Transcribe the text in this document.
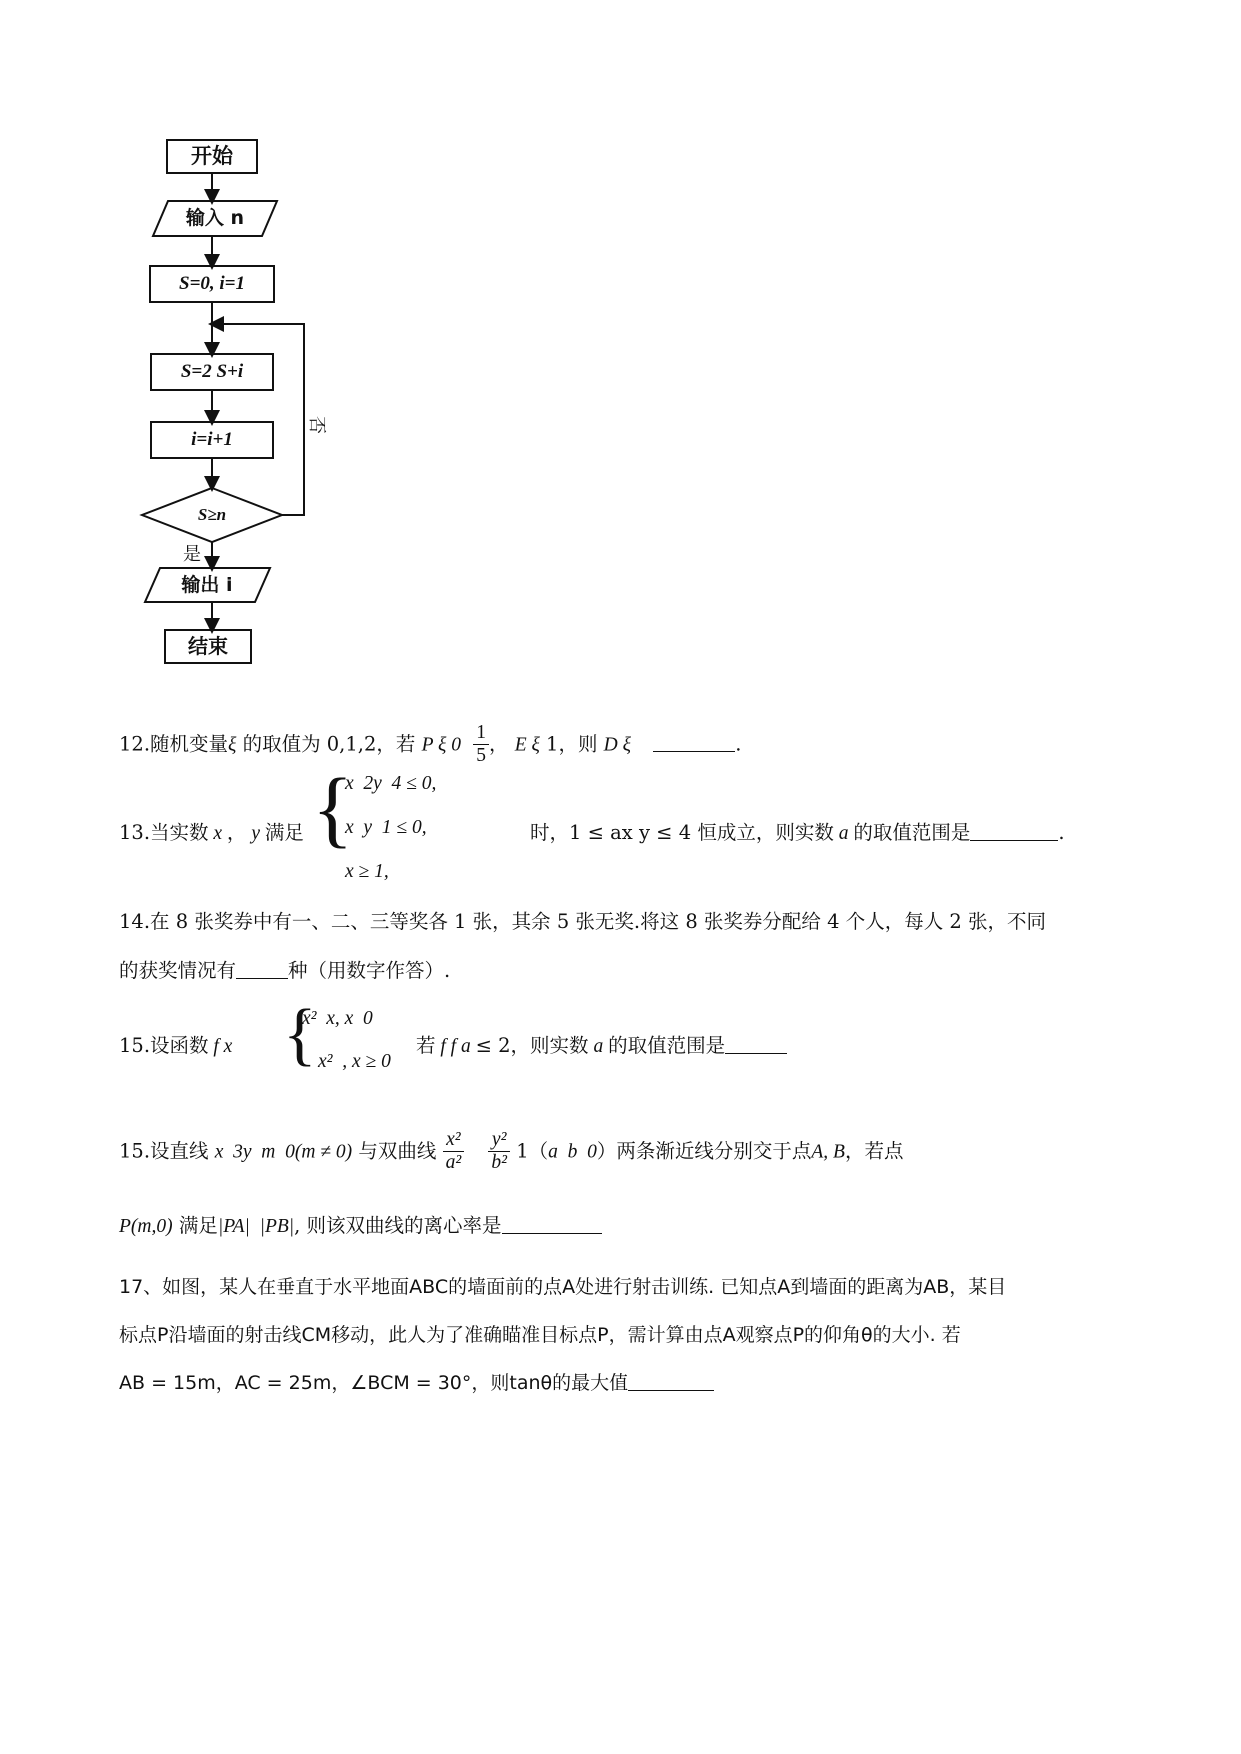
开始
输入 n
S=0, i=1
S=2 S+i
i=i+1
S≥n
是
否
输出 i
结束
12.随机变量ξ 的取值为 0,1,2，若 P ξ $0 \frac{1}{5}$ ， E ξ 1，则 D ξ	.
13.当实数 x ， y 满足 {
x  2y  4 ≤ 0,
x  y  1 ≤ 0,
x ≥ 1,
时，1 ≤ ax y ≤ 4 恒成立，则实数 a 的取值范围是	.
14.在 8 张奖券中有一、二、三等奖各 1 张，其余 5 张无奖.将这 8 张奖券分配给 4 个人，每人 2 张，不同
的获奖情况有	种（用数字作答）.
15.设函数 f x {
x²  x, x  0
x²  , x ≥ 0
若 f f a ≤ 2，则实数 a 的取值范围是
15.设直线 x  3y  m  0(m ≠ 0) 与双曲线 $\frac{\text{x²}}{\text{a²}}$
$\frac{\text{y²}}{\text{b²}} 1(a$  b  0）两条渐近线分别交于点A, B，若点
P(m,0) 满足|PA|  |PB|, 则该双曲线的离心率是
17、如图，某人在垂直于水平地面ABC的墙面前的点A处进行射击训练. 已知点A到墙面的距离为AB，某目
标点P沿墙面的射击线CM移动，此人为了准确瞄准目标点P，需计算由点A观察点P的仰角θ的大小. 若
AB = 15m，AC = 25m，∠BCM = 30°，则tanθ的最大值
